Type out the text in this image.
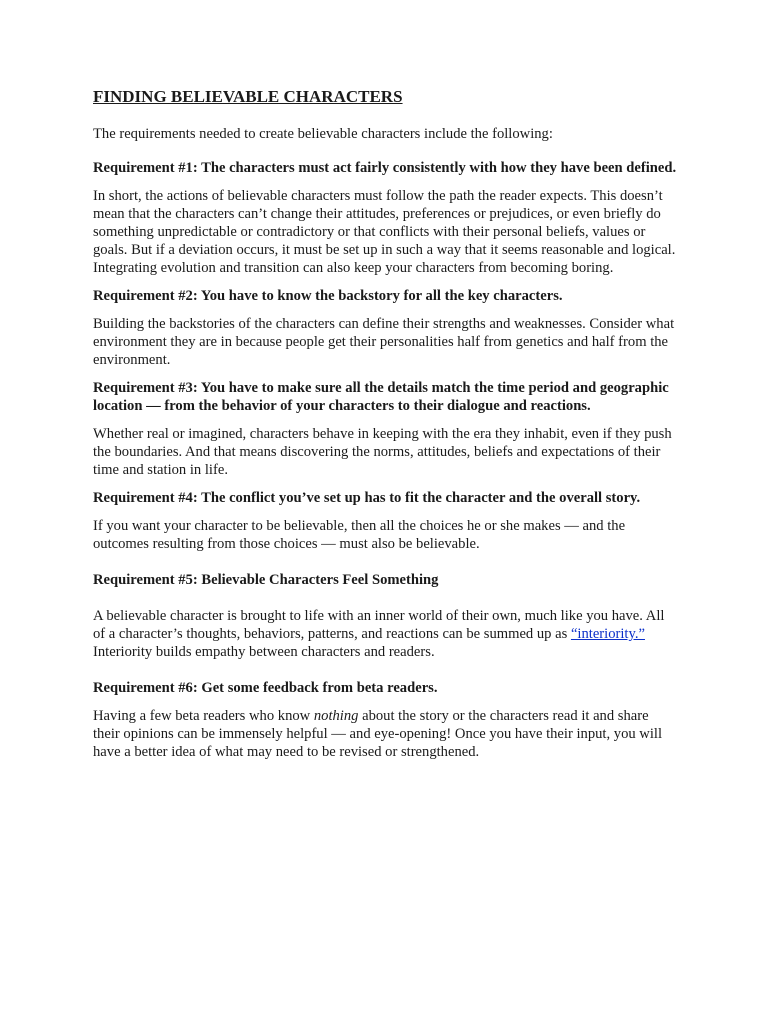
FINDING BELIEVABLE CHARACTERS

The requirements needed to create believable characters include the following:

Requirement #1: The characters must act fairly consistently with how they have been defined.

In short, the actions of believable characters must follow the path the reader expects. This doesn’t mean that the characters can’t change their attitudes, preferences or prejudices, or even briefly do something unpredictable or contradictory or that conflicts with their personal beliefs, values or goals. But if a deviation occurs, it must be set up in such a way that it seems reasonable and logical. Integrating evolution and transition can also keep your characters from becoming boring.

Requirement #2: You have to know the backstory for all the key characters.

Building the backstories of the characters can define their strengths and weaknesses. Consider what environment they are in because people get their personalities half from genetics and half from the environment.

Requirement #3: You have to make sure all the details match the time period and geographic location — from the behavior of your characters to their dialogue and reactions.

Whether real or imagined, characters behave in keeping with the era they inhabit, even if they push the boundaries. And that means discovering the norms, attitudes, beliefs and expectations of their time and station in life.

Requirement #4: The conflict you’ve set up has to fit the character and the overall story.

If you want your character to be believable, then all the choices he or she makes — and the outcomes resulting from those choices — must also be believable.

Requirement #5: Believable Characters Feel Something

A believable character is brought to life with an inner world of their own, much like you have. All of a character’s thoughts, behaviors, patterns, and reactions can be summed up as “interiority.” Interiority builds empathy between characters and readers.

Requirement #6: Get some feedback from beta readers.

Having a few beta readers who know nothing about the story or the characters read it and share their opinions can be immensely helpful — and eye-opening! Once you have their input, you will have a better idea of what may need to be revised or strengthened.
